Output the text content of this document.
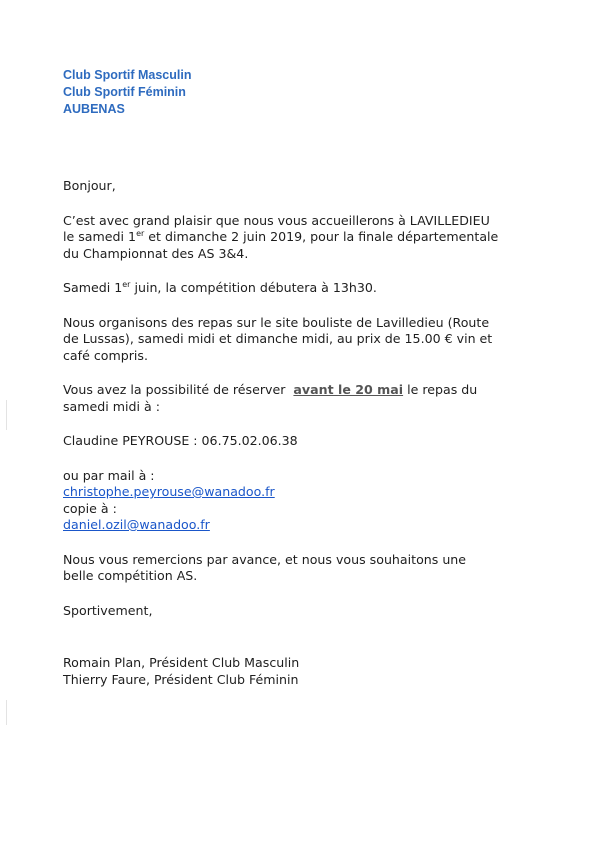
Club Sportif Masculin
Club Sportif Féminin
AUBENAS

Bonjour,

C’est avec grand plaisir que nous vous accueillerons à LAVILLEDIEU
le samedi 1er et dimanche 2 juin 2019, pour la finale départementale
du Championnat des AS 3&4.

Samedi 1er juin, la compétition débutera à 13h30.

Nous organisons des repas sur le site bouliste de Lavilledieu (Route
de Lussas), samedi midi et dimanche midi, au prix de 15.00 € vin et
café compris.

Vous avez la possibilité de réserver  avant le 20 mai le repas du
samedi midi à :

Claudine PEYROUSE : 06.75.02.06.38

ou par mail à :
christophe.peyrouse@wanadoo.fr
copie à :
daniel.ozil@wanadoo.fr

Nous vous remercions par avance, et nous vous souhaitons une
belle compétition AS.

Sportivement,

Romain Plan, Président Club Masculin
Thierry Faure, Président Club Féminin
